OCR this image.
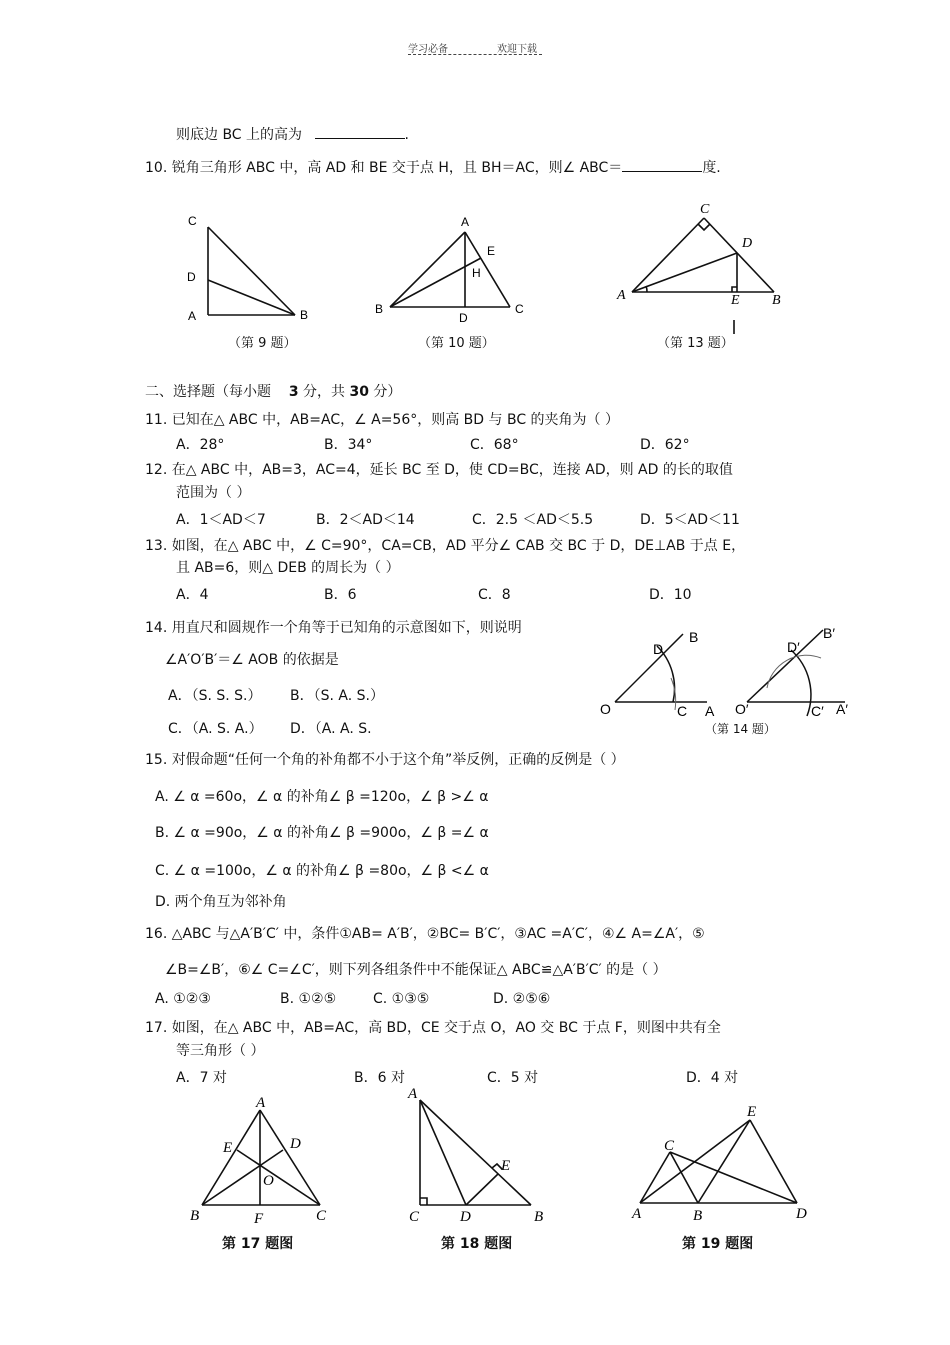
学习必备	欢迎下载
则底边 BC 上的高为	.
10. 锐角三角形 ABC 中，高 AD 和 BE 交于点 H，且 BH＝AC，则∠ ABC＝	度.
C
D
A	B
（第 9 题）
A
E
H
B
D
C
（第 10 题）
C
D
A	E B
（第 13 题）
二、选择题（每小题 3 分，共 30 分）
11. 已知在△ ABC 中，AB=AC，∠ A=56°，则高 BD 与 BC 的夹角为（ ）
A．28°	B．34°	C．68°	D．62°
12. 在△ ABC 中，AB=3，AC=4，延长 BC 至 D，使 CD=BC，连接 AD，则 AD 的长的取值
范围为（ ）
A．1＜AD＜7	B．2＜AD＜14	C．2.5 ＜AD＜5.5	D．5＜AD＜11
13. 如图，在△ ABC 中，∠ C=90°，CA=CB，AD 平分∠ CAB 交 BC 于 D，DE⊥AB 于点 E，
且 AB=6，则△ DEB 的周长为（ ）
A．4	B．6	C．8	D．10
14. 用直尺和圆规作一个角等于已知角的示意图如下，则说明
∠A′O′B′＝∠ AOB 的依据是
A．（S. S. S.） B．（S. A. S.）
C．（A. S. A.） D．（A. A. S.
O	C A
D
B
O′	C′ A′
D′
B′
（第 14 题）
15. 对假命题“任何一个角的补角都不小于这个角”举反例，正确的反例是（ ）
A. ∠ α =60o，∠ α 的补角∠ β =120o，∠ β >∠ α
B. ∠ α =90o，∠ α 的补角∠ β =900o，∠ β =∠ α
C. ∠ α =100o，∠ α 的补角∠ β =80o，∠ β <∠ α
D. 两个角互为邻补角
16. △ABC 与△A′B′C′ 中，条件①AB= A′B′，②BC= B′C′，③AC =A′C′，④∠ A=∠A′，⑤
∠B=∠B′，⑥∠ C=∠C′，则下列各组条件中不能保证△ ABC≌△A′B′C′ 的是（ ）
A. ①②③	B. ①②⑤	C. ①③⑤	D. ②⑤⑥
17. 如图，在△ ABC 中，AB=AC，高 BD，CE 交于点 O，AO 交 BC 于点 F，则图中共有全
等三角形（ ）
A．7 对	B．6 对	C．5 对	D．4 对
A
E	D
O
B	F	C
第 17 题图
A
E
C	D	B
第 18 题图
E
C
A	B	D
第 19 题图
